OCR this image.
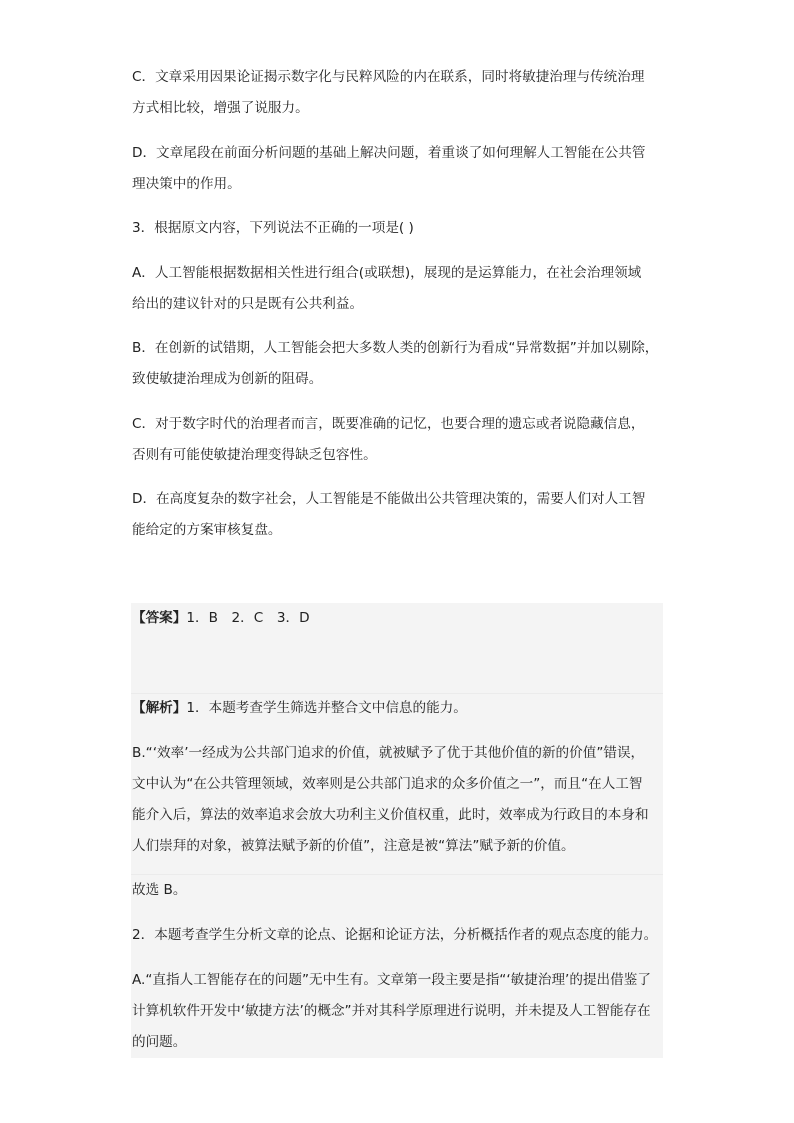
C．文章采用因果论证揭示数字化与民粹风险的内在联系，同时将敏捷治理与传统治理
方式相比较，增强了说服力。
D．文章尾段在前面分析问题的基础上解决问题，着重谈了如何理解人工智能在公共管
理决策中的作用。
3．根据原文内容，下列说法不正确的一项是( )
A．人工智能根据数据相关性进行组合(或联想)，展现的是运算能力，在社会治理领域
给出的建议针对的只是既有公共利益。
B．在创新的试错期，人工智能会把大多数人类的创新行为看成“异常数据”并加以剔除，
致使敏捷治理成为创新的阻碍。
C．对于数字时代的治理者而言，既要准确的记忆，也要合理的遗忘或者说隐藏信息，
否则有可能使敏捷治理变得缺乏包容性。
D．在高度复杂的数字社会，人工智能是不能做出公共管理决策的，需要人们对人工智
能给定的方案审核复盘。
【答案】1．B　2．C　3．D
【解析】1．本题考查学生筛选并整合文中信息的能力。
B.“‘效率’一经成为公共部门追求的价值，就被赋予了优于其他价值的新的价值”错误，
文中认为“在公共管理领域，效率则是公共部门追求的众多价值之一”，而且“在人工智
能介入后，算法的效率追求会放大功利主义价值权重，此时，效率成为行政目的本身和
人们崇拜的对象，被算法赋予新的价值”，注意是被“算法”赋予新的价值。
故选 B。
2．本题考查学生分析文章的论点、论据和论证方法，分析概括作者的观点态度的能力。
A.“直指人工智能存在的问题”无中生有。文章第一段主要是指“‘敏捷治理’的提出借鉴了
计算机软件开发中‘敏捷方法’的概念”并对其科学原理进行说明，并未提及人工智能存在
的问题。
